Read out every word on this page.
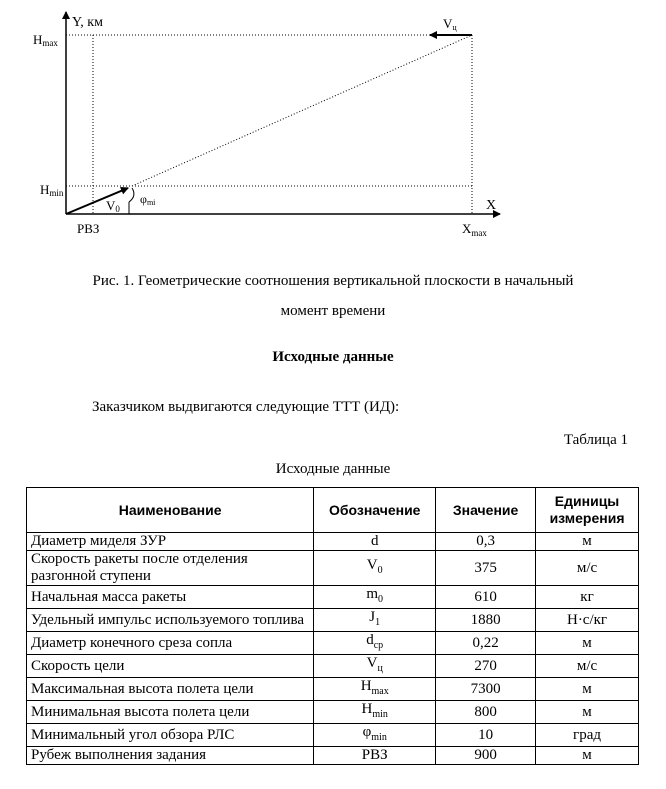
Y, км
X
Hmax
Hmin
$X_{max}$
V0
Vц
φmi
РВЗ
Рис. 1. Геометрические соотношения вертикальной плоскости в начальный
момент времени
Исходные данные
Заказчиком выдвигаются следующие ТТТ (ИД):
Таблица 1
Исходные данные
Наименование	Обозначение	Значение	Единицы
измерения
Диаметр миделя ЗУР	d	0,3	м
Скорость ракеты после отделения разгонной ступени	$V_0$	375	м/с
Начальная масса ракеты	$m_0$	610	кг
Удельный импульс используемого топлива	$J_1$	1880	Н·с/кг
Диаметр конечного среза сопла	$d_{ср}$	0,22	м
Скорость цели	$V_ц$	270	м/с
Максимальная высота полета цели	$H_{max}$	7300	м
Минимальная высота полета цели	$H_{min}$	800	м
Минимальный угол обзора РЛС	$\varphi_{min}$	10	град
Рубеж выполнения задания	РВЗ	900	м
